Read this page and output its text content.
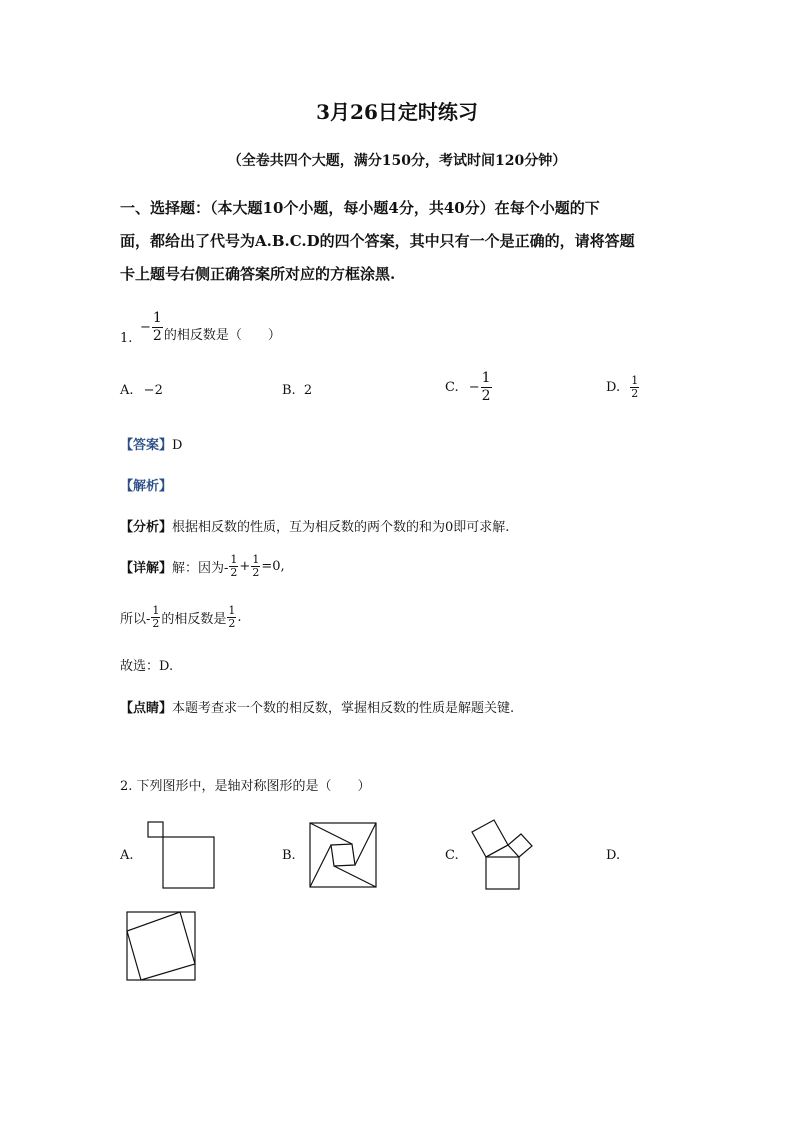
3月26日定时练习
（全卷共四个大题，满分150分，考试时间120分钟）
一、选择题：（本大题10个小题，每小题4分，共40分）在每个小题的下
面，都给出了代号为A.B.C.D的四个答案，其中只有一个是正确的，请将答题
卡上题号右侧正确答案所对应的方框涂黑.
1.
− $\frac{1}{2}$ 的相反数是（　　）
A. −2	B. 2	C. − $\frac{1}{2}$	D. $\frac{1}{2}$
【答案】D
【解析】
【分析】根据相反数的性质，互为相反数的两个数的和为0即可求解.
【详解】解：因为- $\frac{1}{2} + \frac{1}{2} =0$,
所以- $\frac{1}{2}$ 的相反数是 $\frac{1}{2}$ .
故选：D.
【点睛】本题考查求一个数的相反数，掌握相反数的性质是解题关键.
2. 下列图形中，是轴对称图形的是（　　）
A.	B.	C.	D.
